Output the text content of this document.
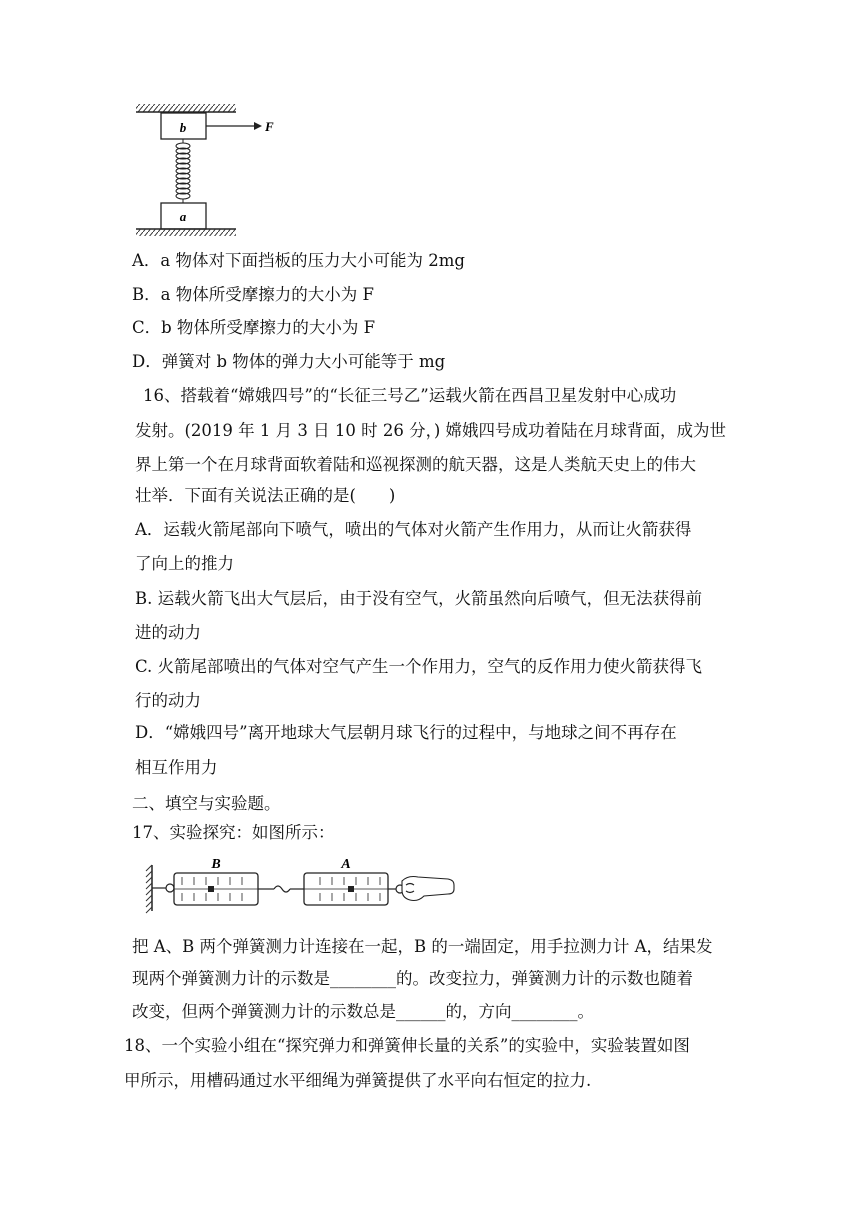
b	F
a
A．a 物体对下面挡板的压力大小可能为 2mg
B．a 物体所受摩擦力的大小为 F
C．b 物体所受摩擦力的大小为 F
D．弹簧对 b 物体的弹力大小可能等于 mg
16、搭载着“嫦娥四号”的“长征三号乙”运载火箭在西昌卫星发射中心成功
发射。(2019 年 1 月 3 日 10 时 26 分，) 嫦娥四号成功着陆在月球背面，成为世
界上第一个在月球背面软着陆和巡视探测的航天器，这是人类航天史上的伟大
壮举．下面有关说法正确的是(　　)
A．运载火箭尾部向下喷气，喷出的气体对火箭产生作用力，从而让火箭获得
了向上的推力
B. 运载火箭飞出大气层后，由于没有空气，火箭虽然向后喷气，但无法获得前
进的动力
C. 火箭尾部喷出的气体对空气产生一个作用力，空气的反作用力使火箭获得飞
行的动力
D．“嫦娥四号”离开地球大气层朝月球飞行的过程中，与地球之间不再存在
相互作用力
二、填空与实验题。
17、实验探究：如图所示：
B	A
把 A、B 两个弹簧测力计连接在一起，B 的一端固定，用手拉测力计 A，结果发
现两个弹簧测力计的示数是________的。改变拉力，弹簧测力计的示数也随着
改变，但两个弹簧测力计的示数总是______的，方向________。
18、一个实验小组在“探究弹力和弹簧伸长量的关系”的实验中，实验装置如图
甲所示，用槽码通过水平细绳为弹簧提供了水平向右恒定的拉力.
